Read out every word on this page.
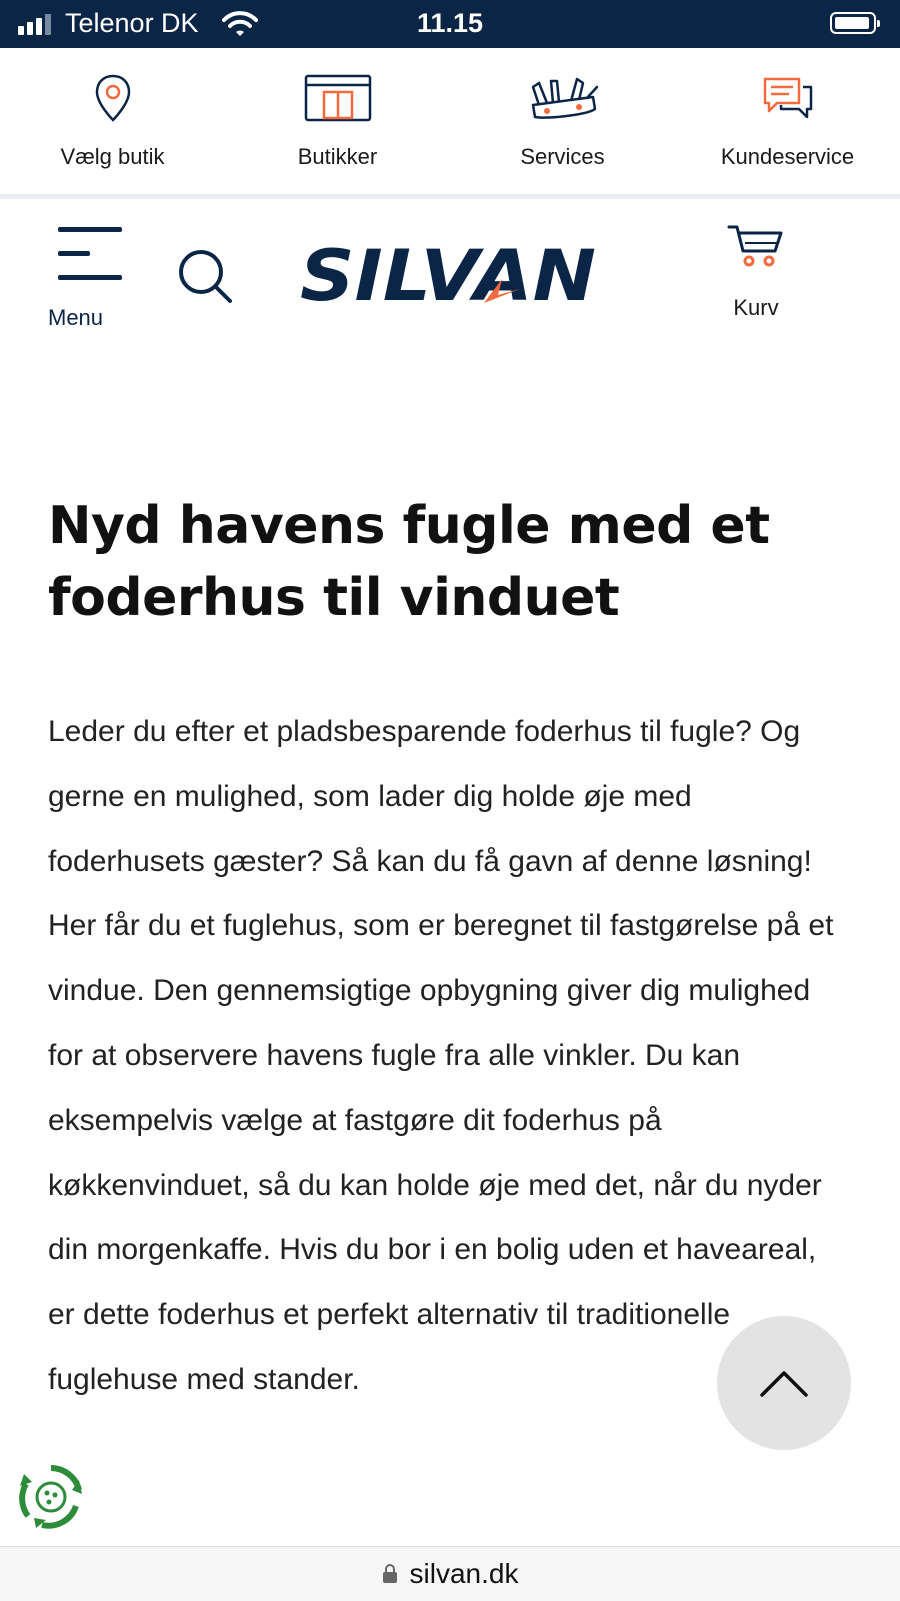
Telenor DK	11.15
Vælg butik	Butikker	Services	Kundeservice
Menu
SILVAN	Kurv
Nyd havens fugle med et foderhus til vinduet

Leder du efter et pladsbesparende foderhus til fugle? Og gerne en mulighed, som lader dig holde øje med foderhusets gæster? Så kan du få gavn af denne løsning! Her får du et fuglehus, som er beregnet til fastgørelse på et vindue. Den gennemsigtige opbygning giver dig mulighed for at observere havens fugle fra alle vinkler. Du kan eksempelvis vælge at fastgøre dit foderhus på køkkenvinduet, så du kan holde øje med det, når du nyder din morgenkaffe. Hvis du bor i en bolig uden et haveareal, er dette foderhus et perfekt alternativ til traditionelle fuglehuse med stander.

silvan.dk
